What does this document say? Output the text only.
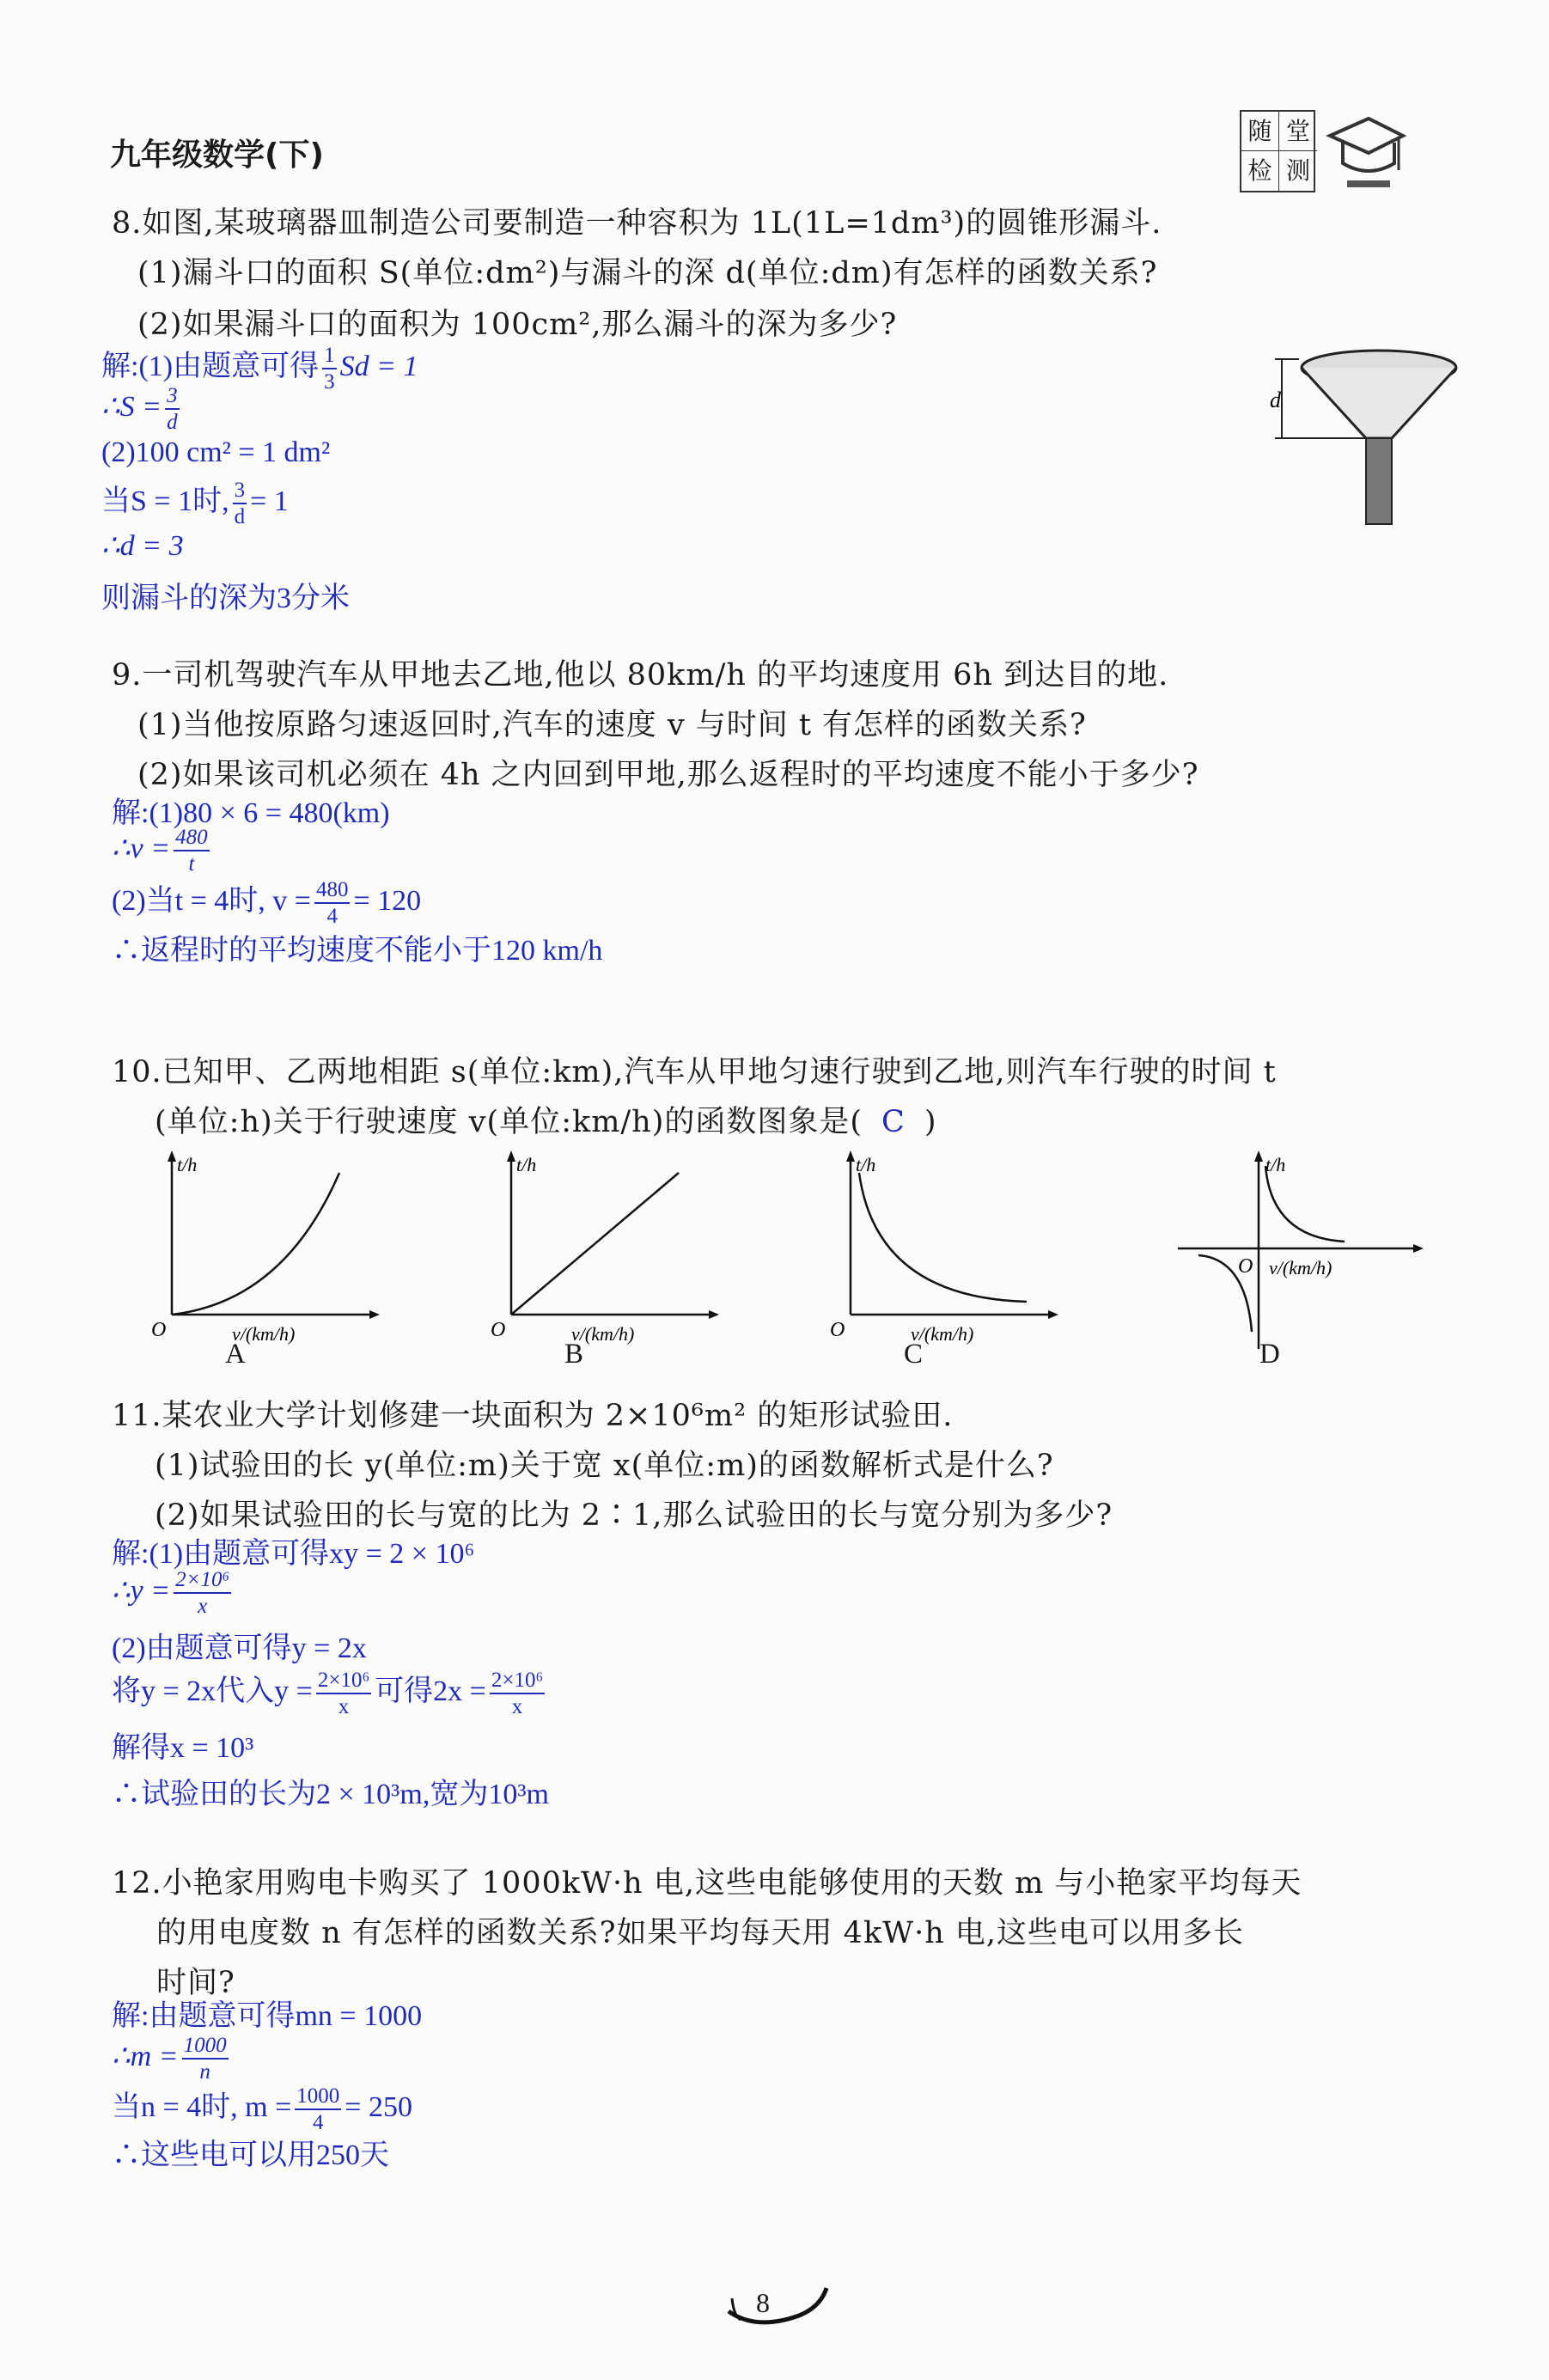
九年级数学(下)
随 堂
检 测
8.如图,某玻璃器皿制造公司要制造一种容积为 1L(1L=1dm³)的圆锥形漏斗.
(1)漏斗口的面积 S(单位:dm²)与漏斗的深 d(单位:dm)有怎样的函数关系?
(2)如果漏斗口的面积为 100cm²,那么漏斗的深为多少?
解:(1)由题意可得 $\frac{1}{3}$ Sd = 1
∴S = $\frac{3}{d}$
(2)100 cm² = 1 dm²
当S = 1时, $\frac{3}{d} = 1$
∴d = 3
则漏斗的深为3分米
d
9.一司机驾驶汽车从甲地去乙地,他以 80km/h 的平均速度用 6h 到达目的地.
(1)当他按原路匀速返回时,汽车的速度 v 与时间 t 有怎样的函数关系?
(2)如果该司机必须在 4h 之内回到甲地,那么返程时的平均速度不能小于多少?
解:(1)80 × 6 = 480(km)
∴v = $\frac{480}{t}$
(2)当t = 4时, $v = \frac{480}{4} = 120$
∴返程时的平均速度不能小于120 km/h
10.已知甲、乙两地相距 s(单位:km),汽车从甲地匀速行驶到乙地,则汽车行驶的时间 t
(单位:h)关于行驶速度 v(单位:km/h)的函数图象是( C )
t/h
O	v/(km/h)
A
t/h
O	v/(km/h)
B
t/h
O	v/(km/h)
C
t/h
O v/(km/h)
D
11.某农业大学计划修建一块面积为 2×10⁶m² 的矩形试验田.
(1)试验田的长 y(单位:m)关于宽 x(单位:m)的函数解析式是什么?
(2)如果试验田的长与宽的比为 2∶1,那么试验田的长与宽分别为多少?
解:(1)由题意可得xy = 2 × 10⁶
∴y = $\frac{\text{2×10⁶}}{x}$
(2)由题意可得y = 2x
将y = 2x代入$y = \frac{\text{2×10⁶}}{x}$ 可得$2x = \frac{\text{2×10⁶}}{x}$
解得x = 10³
∴试验田的长为2 × 10³m,宽为10³m
12.小艳家用购电卡购买了 1000kW·h 电,这些电能够使用的天数 m 与小艳家平均每天
的用电度数 n 有怎样的函数关系?如果平均每天用 4kW·h 电,这些电可以用多长
时间?
解:由题意可得mn = 1000
∴m = $\frac{1000}{n}$
当n = 4时, $m = \frac{1000}{4} = 250$
∴这些电可以用250天
8
